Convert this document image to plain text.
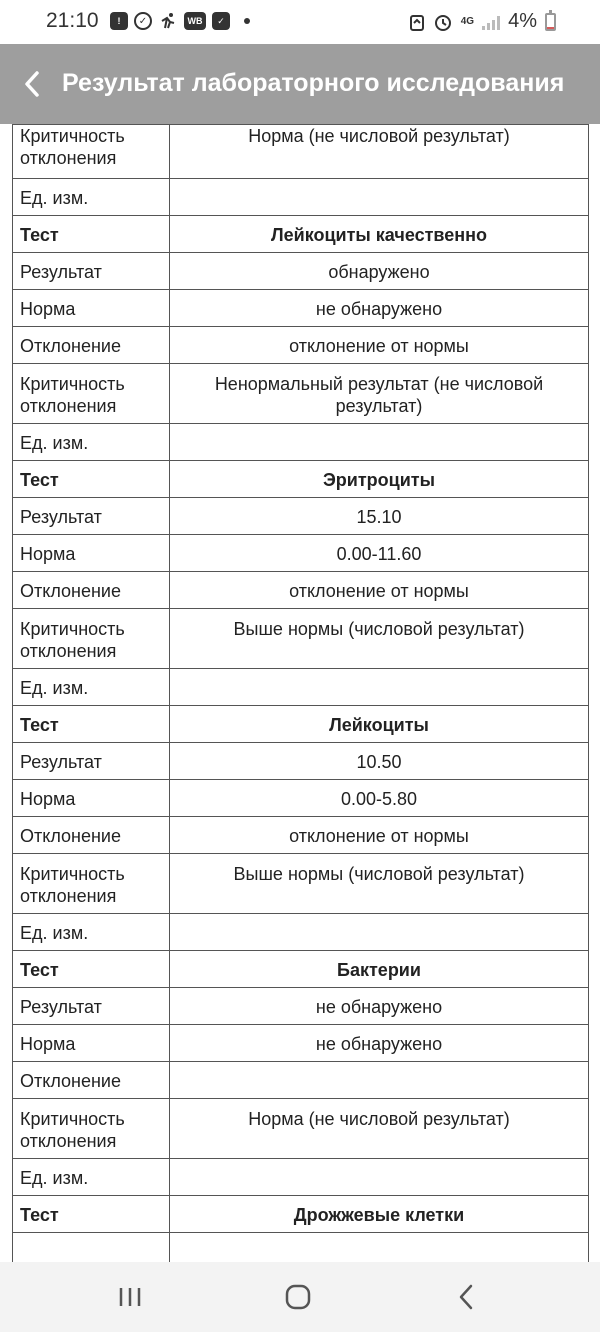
21:10	!	✓	WB	✓	4G 4%
Результат лабораторного исследования
Критичность отклонения	Норма (не числовой результат)
Ед. изм.	
Тест	Лейкоциты качественно
Результат	обнаружено
Норма	не обнаружено
Отклонение	отклонение от нормы
Критичность отклонения	Ненормальный результат (не числовой результат)
Ед. изм.	
Тест	Эритроциты
Результат	15.10
Норма	0.00-11.60
Отклонение	отклонение от нормы
Критичность отклонения	Выше нормы (числовой результат)
Ед. изм.	
Тест	Лейкоциты
Результат	10.50
Норма	0.00-5.80
Отклонение	отклонение от нормы
Критичность отклонения	Выше нормы (числовой результат)
Ед. изм.	
Тест	Бактерии
Результат	не обнаружено
Норма	не обнаружено
Отклонение	
Критичность отклонения	Норма (не числовой результат)
Ед. изм.	
Тест	Дрожжевые клетки
